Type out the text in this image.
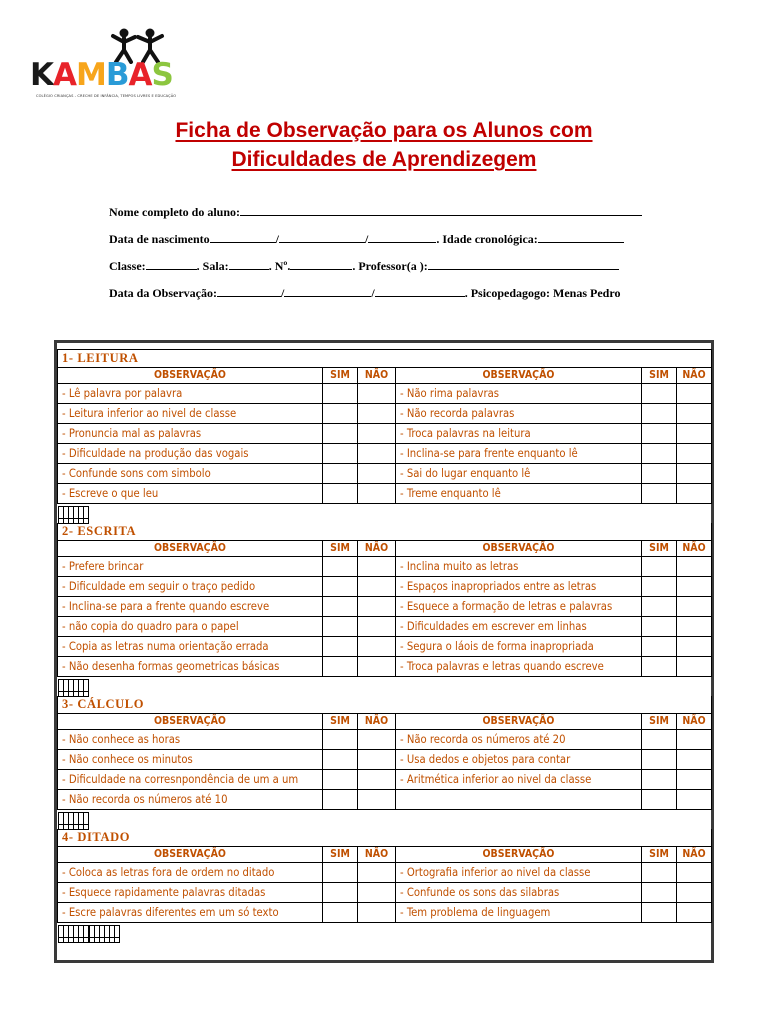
KAMBAS
COLÉGIO CRIANÇAS - CRECHE DE INFÂNCIA, TEMPOS LIVRES E EDUCAÇÃO
Ficha de Observação para os Alunos com
Dificuldades de Aprendizegem
Nome completo do aluno:
Data de nascimento	/	/	. Idade cronológica:
Classe:	. Sala:	. Nº.	. Professor(a ):
Data da Observação:	/	/	. Psicopedagogo: Menas Pedro

1- LEITURA
OBSERVAÇÃO	SIM	NÃO	OBSERVAÇÃO	SIM	NÃO
- Lê palavra por palavra			- Não rima palavras		
- Leitura inferior ao nivel de classe			- Não recorda palavras		
- Pronuncia mal as palavras			- Troca palavras na leitura		
- Dificuldade na produção das vogais			- Inclina-se para frente enquanto lê		
- Confunde sons com simbolo			- Sai do lugar enquanto lê		
- Escreve o que leu			- Treme enquanto lê		
					2- ESCRITA
OBSERVAÇÃO	SIM	NÃO	OBSERVAÇÃO	SIM	NÃO
- Prefere brincar			- Inclina muito as letras		
- Dificuldade em seguir o traço pedido			- Espaços inapropriados entre as letras		
- Inclina-se para a frente quando escreve			- Esquece a formação de letras e palavras		
- não copia do quadro para o papel			- Dificuldades em escrever em linhas		
- Copia as letras numa orientação errada			- Segura o láois de forma inapropriada		
- Não desenha formas geometricas básicas			- Troca palavras e letras quando escreve		
					3- CÁLCULO
OBSERVAÇÃO	SIM	NÃO	OBSERVAÇÃO	SIM	NÃO
- Não conhece as horas			- Não recorda os números até 20		
- Não conhece os minutos			- Usa dedos e objetos para contar		
- Dificuldade na corresnpondência de um a um			- Aritmética inferior ao nivel da classe		
- Não recorda os números até 10					
					4- DITADO
OBSERVAÇÃO	SIM	NÃO	OBSERVAÇÃO	SIM	NÃO
- Coloca as letras fora de ordem no ditado			- Ortografia inferior ao nivel da classe		
- Esquece rapidamente palavras ditadas			- Confunde os sons das silabras		
- Escre palavras diferentes em um só texto			- Tem problema de linguagem		
